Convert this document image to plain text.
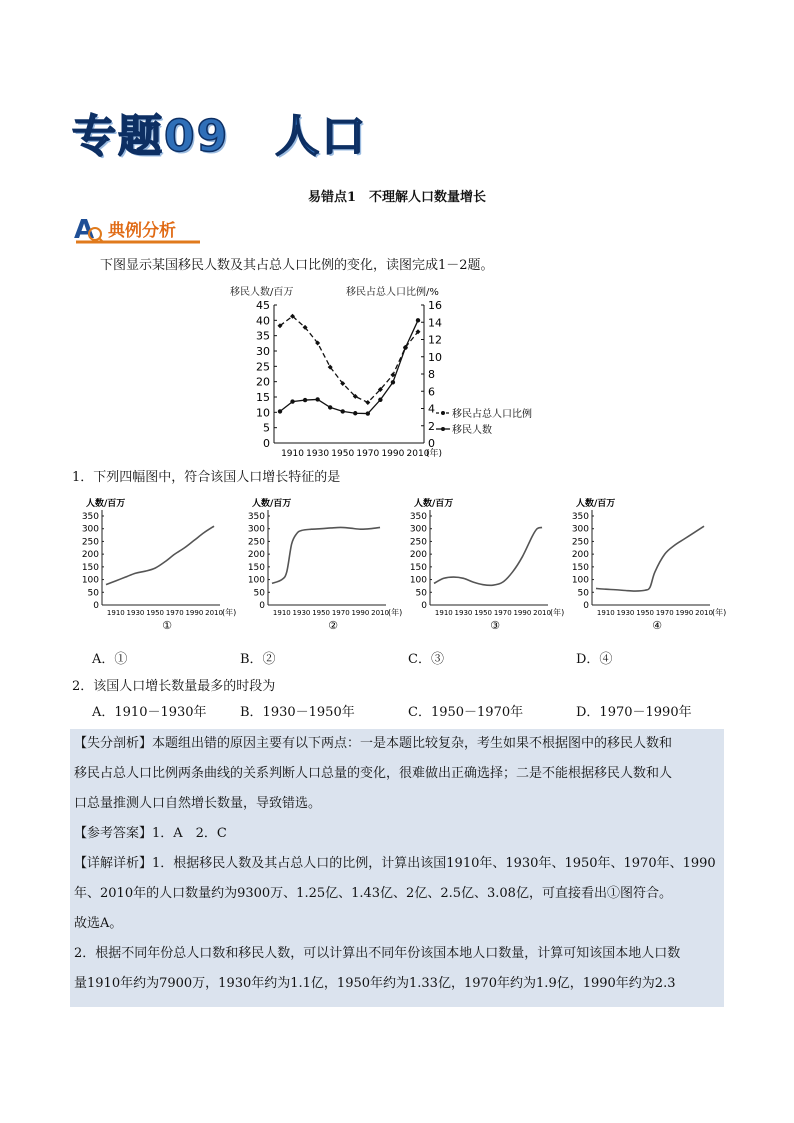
专题09　人口
易错点1　不理解人口数量增长
A 典例分析
下图显示某国移民人数及其占总人口比例的变化，读图完成1－2题。
移民人数/百万	移民占总人口比例/%
0
5
10
15
20
25
30
35
40
45
0
2
4
6
8
10
12
14
16
1910 1930 1950 1970 1990 2010
(年)
移民占总人口比例
移民人数
1．下列四幅图中，符合该国人口增长特征的是
人数/百万
0
50
100
150
200
250
300
350
1910 1930 1950 1970 1990 2010 (年)
①
人数/百万
0
50
100
150
200
250
300
350
1910 1930 1950 1970 1990 2010 (年)
②
人数/百万
0
50
100
150
200
250
300
350
1910 1930 1950 1970 1990 2010 (年)
③
人数/百万
0
50
100
150
200
250
300
350
1910 1930 1950 1970 1990 2010 (年)
④
A．①	B．②	C．③	D．④
2．该国人口增长数量最多的时段为
A．1910－1930年	B．1930－1950年	C．1950－1970年	D．1970－1990年

【失分剖析】本题组出错的原因主要有以下两点：一是本题比较复杂，考生如果不根据图中的移民人数和

移民占总人口比例两条曲线的关系判断人口总量的变化，很难做出正确选择；二是不能根据移民人数和人

口总量推测人口自然增长数量，导致错选。

【参考答案】1．A　2．C

【详解详析】1．根据移民人数及其占总人口的比例，计算出该国1910年、1930年、1950年、1970年、1990

年、2010年的人口数量约为9300万、1.25亿、1.43亿、2亿、2.5亿、3.08亿，可直接看出①图符合。

故选A。

2．根据不同年份总人口数和移民人数，可以计算出不同年份该国本地人口数量，计算可知该国本地人口数

量1910年约为7900万，1930年约为1.1亿，1950年约为1.33亿，1970年约为1.9亿，1990年约为2.3
